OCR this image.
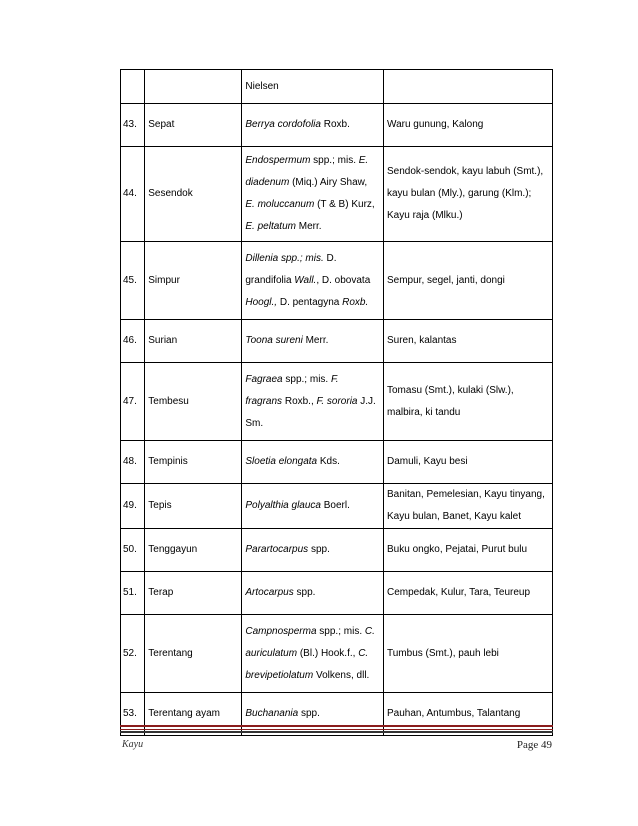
		Nielsen	
43.	Sepat	Berrya cordofolia Roxb.	Waru gunung, Kalong

44.	Sesendok	Endospermum spp.; mis. E.
diadenum (Miq.) Airy Shaw,
E. moluccanum (T & B) Kurz,
E. peltatum Merr.	Sendok-sendok, kayu labuh (Smt.),
kayu bulan (Mly.), garung (Klm.);
Kayu raja (Mlku.)

45.	Simpur	Dillenia spp.; mis. D.
grandifolia Wall., D. obovata
Hoogl., D. pentagyna Roxb.	Sempur, segel, janti, dongi

46.	Surian	Toona sureni Merr.	Suren, kalantas

47.	Tembesu	Fagraea spp.; mis. F.
fragrans Roxb., F. sororia J.J.
Sm.	Tomasu (Smt.), kulaki (Slw.),
malbira, ki tandu

48.	Tempinis	Sloetia elongata Kds.	Damuli, Kayu besi

49.	Tepis	Polyalthia glauca Boerl.	Banitan, Pemelesian, Kayu tinyang,
Kayu bulan, Banet, Kayu kalet

50.	Tenggayun	Parartocarpus spp.	Buku ongko, Pejatai, Purut bulu

51.	Terap	Artocarpus spp.	Cempedak, Kulur, Tara, Teureup

52.	Terentang	Campnosperma spp.; mis. C.
auriculatum (Bl.) Hook.f., C.
brevipetiolatum Volkens, dll.	Tumbus (Smt.), pauh lebi

53.	Terentang ayam	Buchanania spp.	Pauhan, Antumbus, Talantang
Kayu	Page 49
